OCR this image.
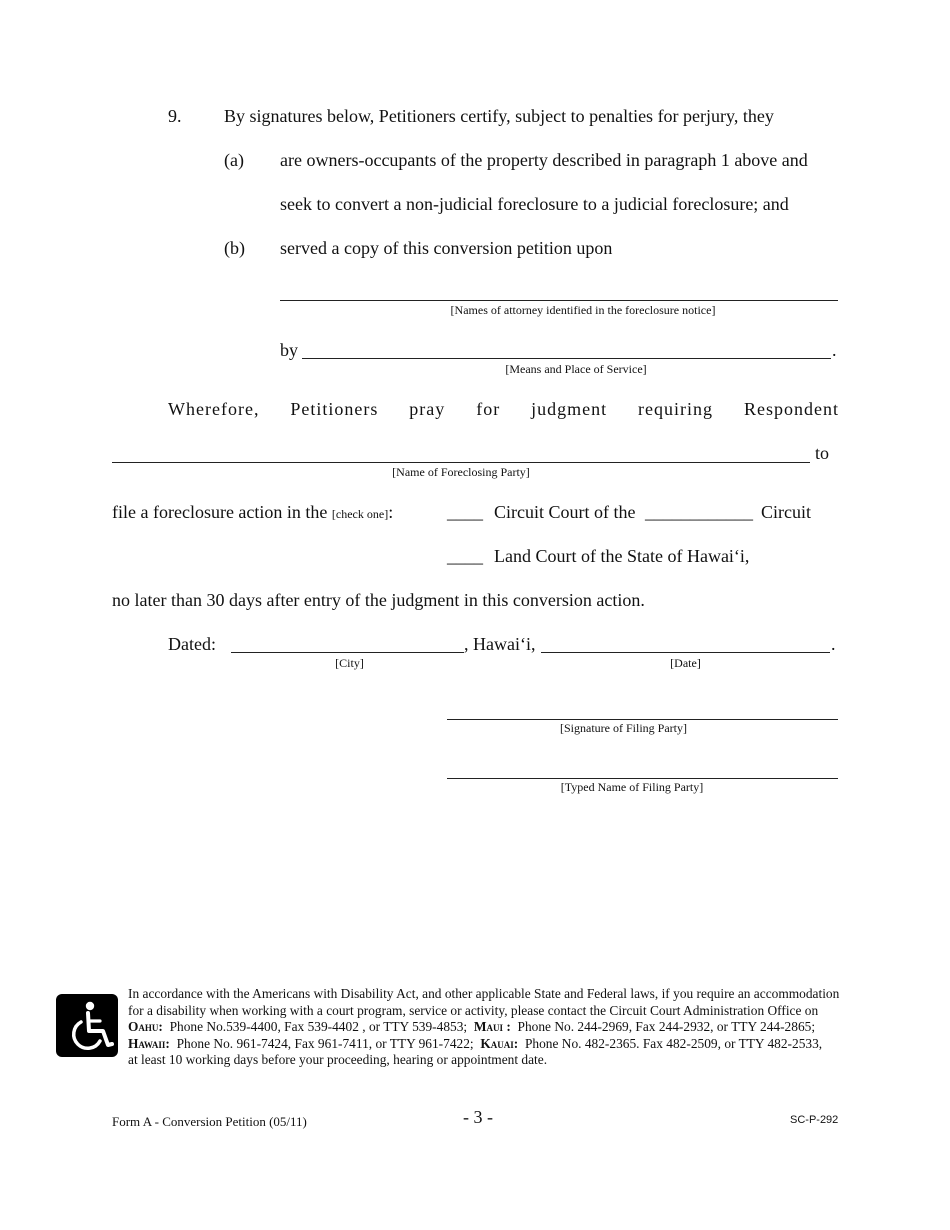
9. By signatures below, Petitioners certify, subject to penalties for perjury, they
(a) are owners-occupants of the property described in paragraph 1 above and
seek to convert a non-judicial foreclosure to a judicial foreclosure; and
(b) served a copy of this conversion petition upon
[Names of attorney identified in the foreclosure notice]
by	.
[Means and Place of Service]
Wherefore, Petitioners pray for judgment requiring Respondent
to
[Name of Foreclosing Party]
file a foreclosure action in the [check one]:	____ Circuit Court of the ____________ Circuit
____ Land Court of the State of Hawai‘i,
no later than 30 days after entry of the judgment in this conversion action.
Dated:	, Hawai‘i,	.
[City]	[Date]
[Signature of Filing Party]
[Typed Name of Filing Party]

In accordance with the Americans with Disability Act, and other applicable State and Federal laws, if you require an accommodation

for a disability when working with a court program, service or activity, please contact the Circuit Court Administration Office on

Oahu: Phone No.539-4400, Fax 539-4402 , or TTY 539-4853; Maui : Phone No. 244-2969, Fax 244-2932, or TTY 244-2865;

Hawaii: Phone No. 961-7424, Fax 961-7411, or TTY 961-7422; Kauai: Phone No. 482-2365. Fax 482-2509, or TTY 482-2533,

at least 10 working days before your proceeding, hearing or appointment date.

Form A - Conversion Petition (05/11)	- 3 -	SC-P-292
